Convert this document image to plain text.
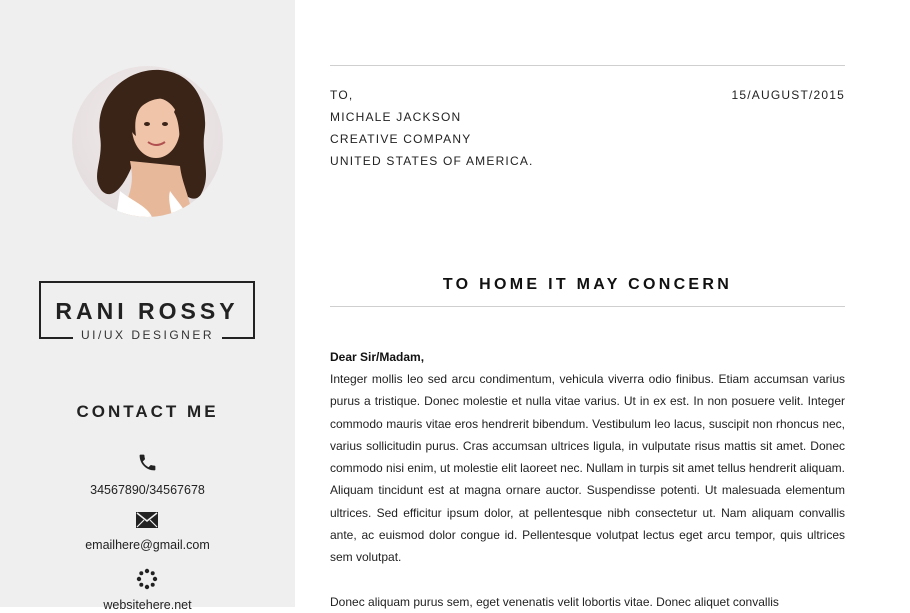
RANI ROSSY
UI/UX DESIGNER
CONTACT ME
34567890/34567678
emailhere@gmail.com
websitehere.net
TO,
MICHALE JACKSON
CREATIVE COMPANY
UNITED STATES OF AMERICA.
15/AUGUST/2015
TO HOME IT MAY CONCERN
Dear Sir/Madam,

Integer mollis leo sed arcu condimentum, vehicula viverra odio finibus. Etiam accumsan varius purus a tristique. Donec molestie et nulla vitae varius. Ut in ex est. In non posuere velit. Integer commodo mauris vitae eros hendrerit bibendum. Vestibulum leo lacus, suscipit non rhoncus nec, varius sollicitudin purus. Cras accumsan ultrices ligula, in vulputate risus mattis sit amet. Donec commodo nisi enim, ut molestie elit laoreet nec. Nullam in turpis sit amet tellus hendrerit aliquam. Aliquam tincidunt est at magna ornare auctor. Suspendisse potenti. Ut malesuada elementum ultrices. Sed efficitur ipsum dolor, at pellentesque nibh consectetur ut. Nam aliquam convallis ante, ac euismod dolor congue id. Pellentesque volutpat lectus eget arcu tempor, quis ultrices sem volutpat.

Donec aliquam purus sem, eget venenatis velit lobortis vitae. Donec aliquet convallis
